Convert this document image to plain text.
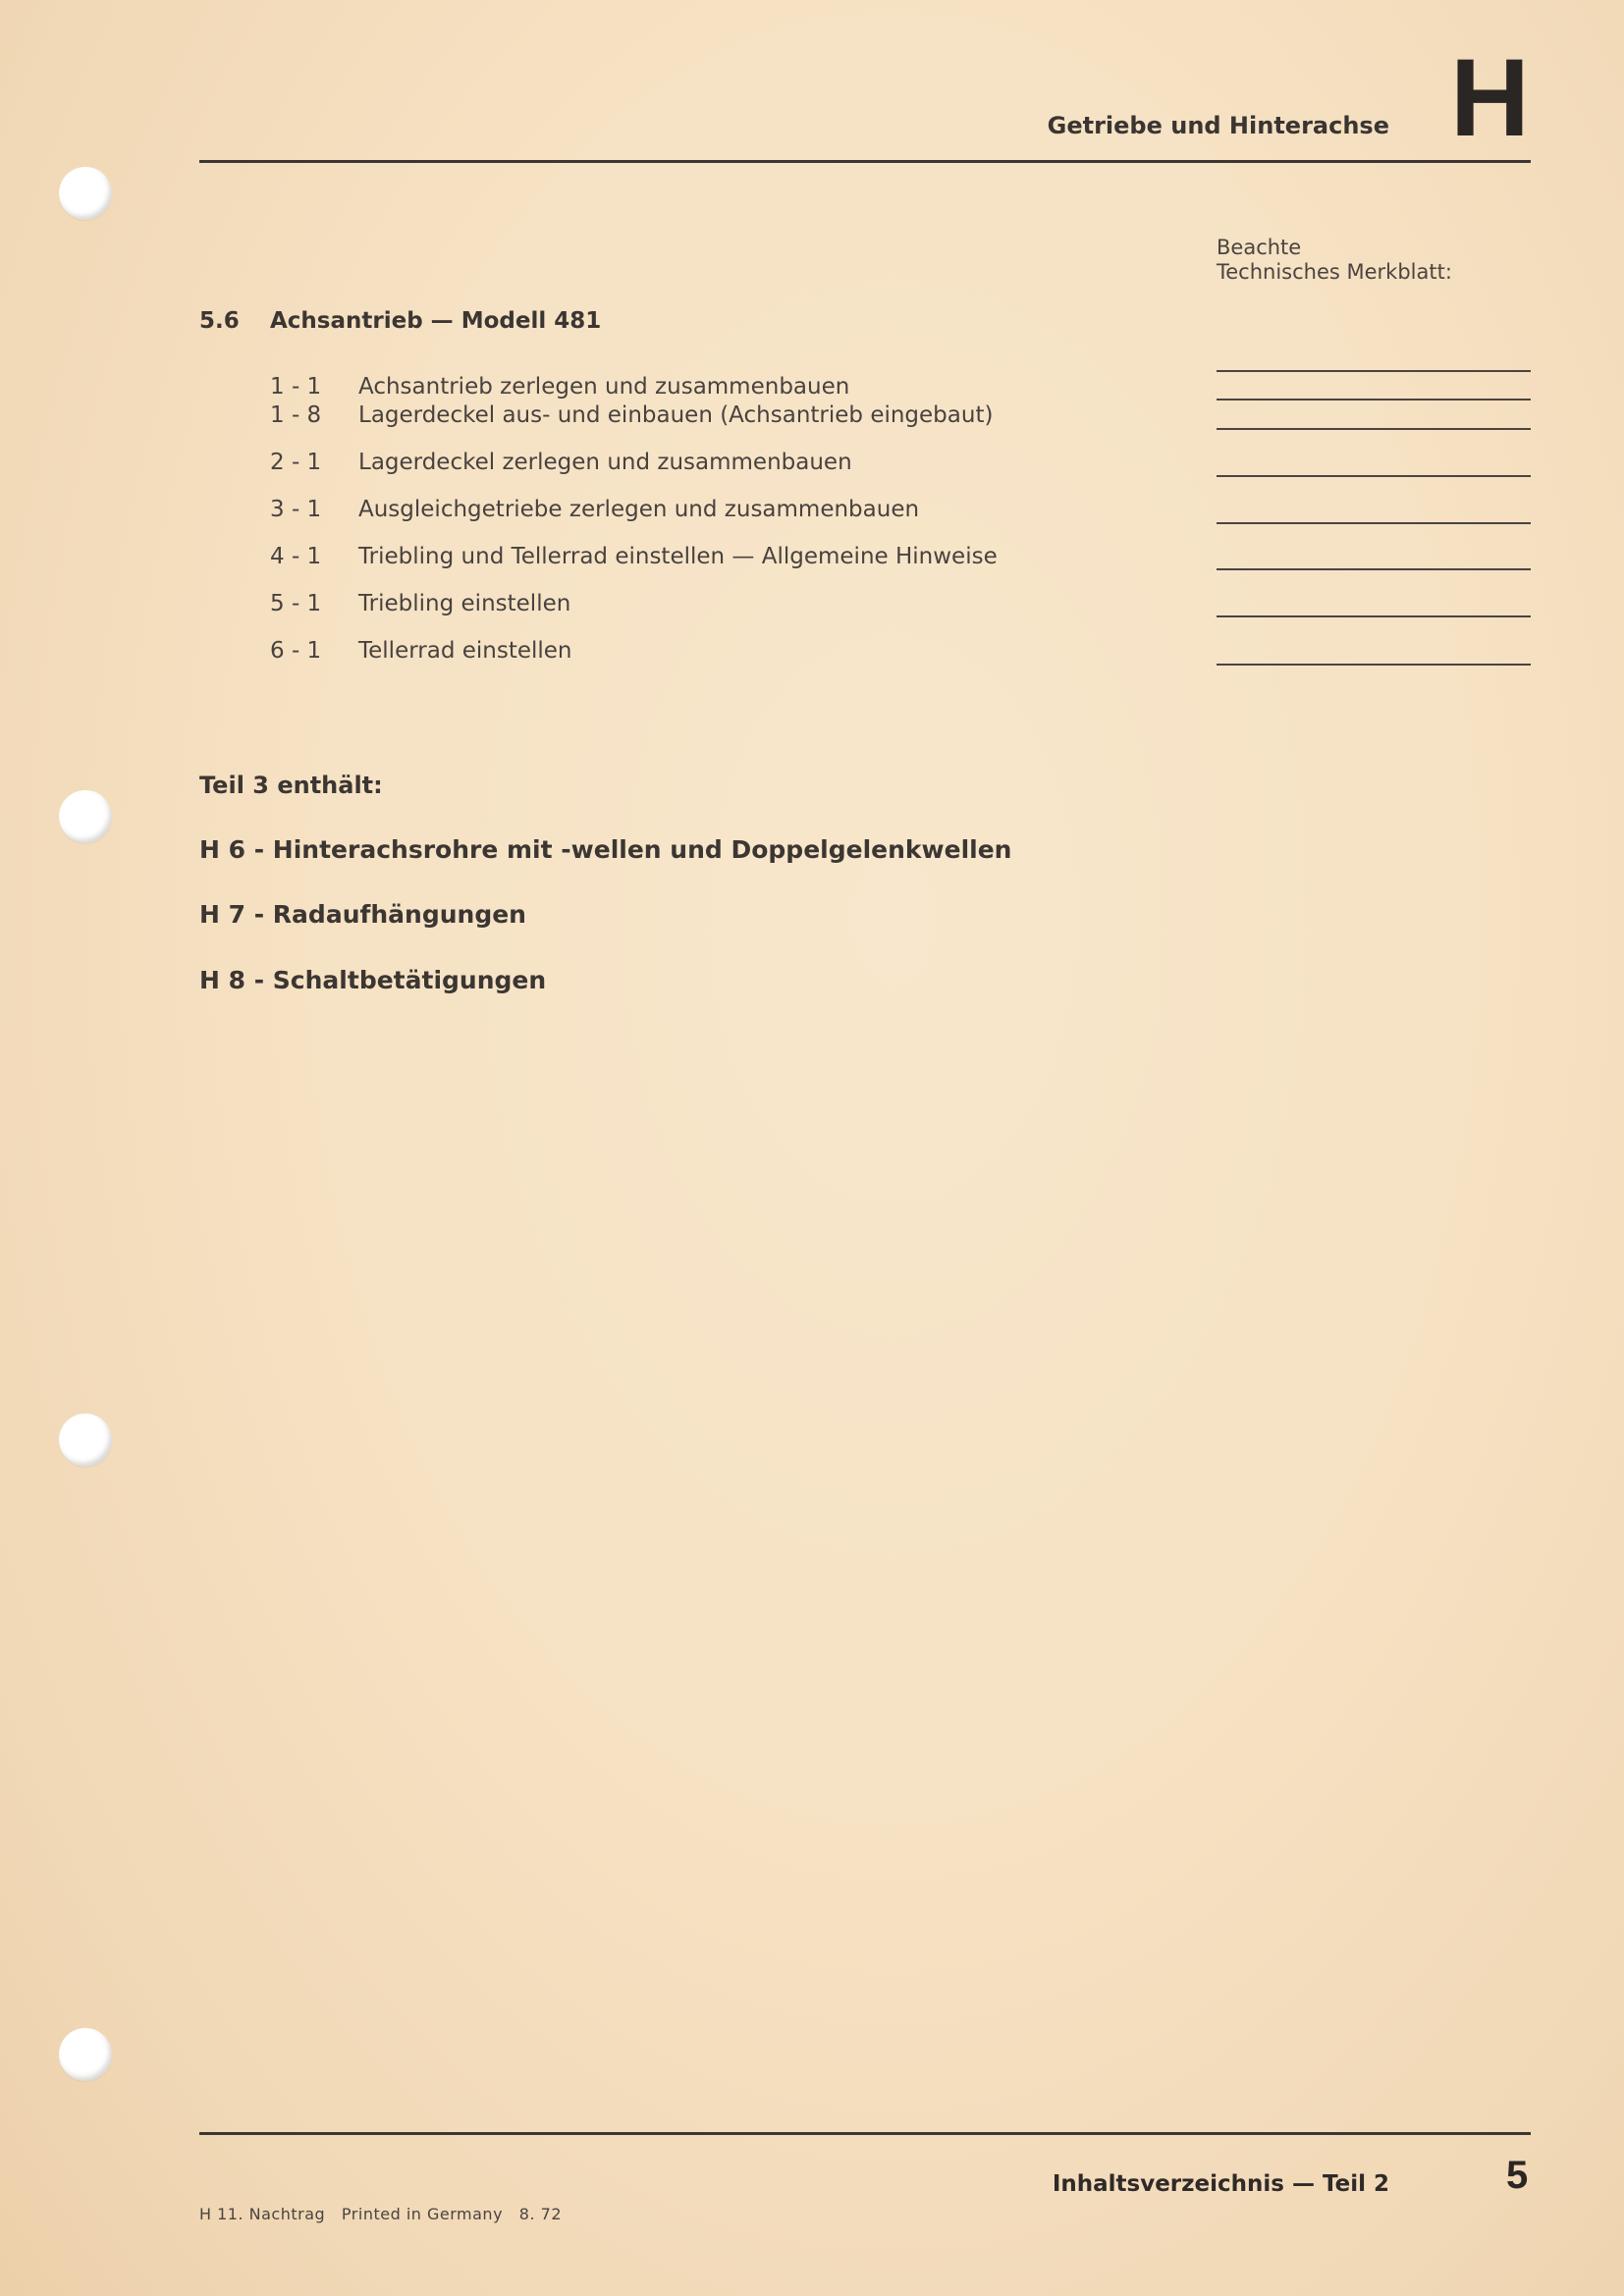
Getriebe und Hinterachse H
Beachte
Technisches Merkblatt:
5.6 Achsantrieb — Modell 481
1 - 1	Achsantrieb zerlegen und zusammenbauen
1 - 8	Lagerdeckel aus- und einbauen (Achsantrieb eingebaut)
2 - 1	Lagerdeckel zerlegen und zusammenbauen
3 - 1	Ausgleichgetriebe zerlegen und zusammenbauen
4 - 1	Triebling und Tellerrad einstellen — Allgemeine Hinweise
5 - 1	Triebling einstellen
6 - 1	Tellerrad einstellen
Teil 3 enthält:
H 6 - Hinterachsrohre mit -wellen und Doppelgelenkwellen
H 7 - Radaufhängungen
H 8 - Schaltbetätigungen
Inhaltsverzeichnis — Teil 2	5
H 11. Nachtrag   Printed in Germany   8. 72
